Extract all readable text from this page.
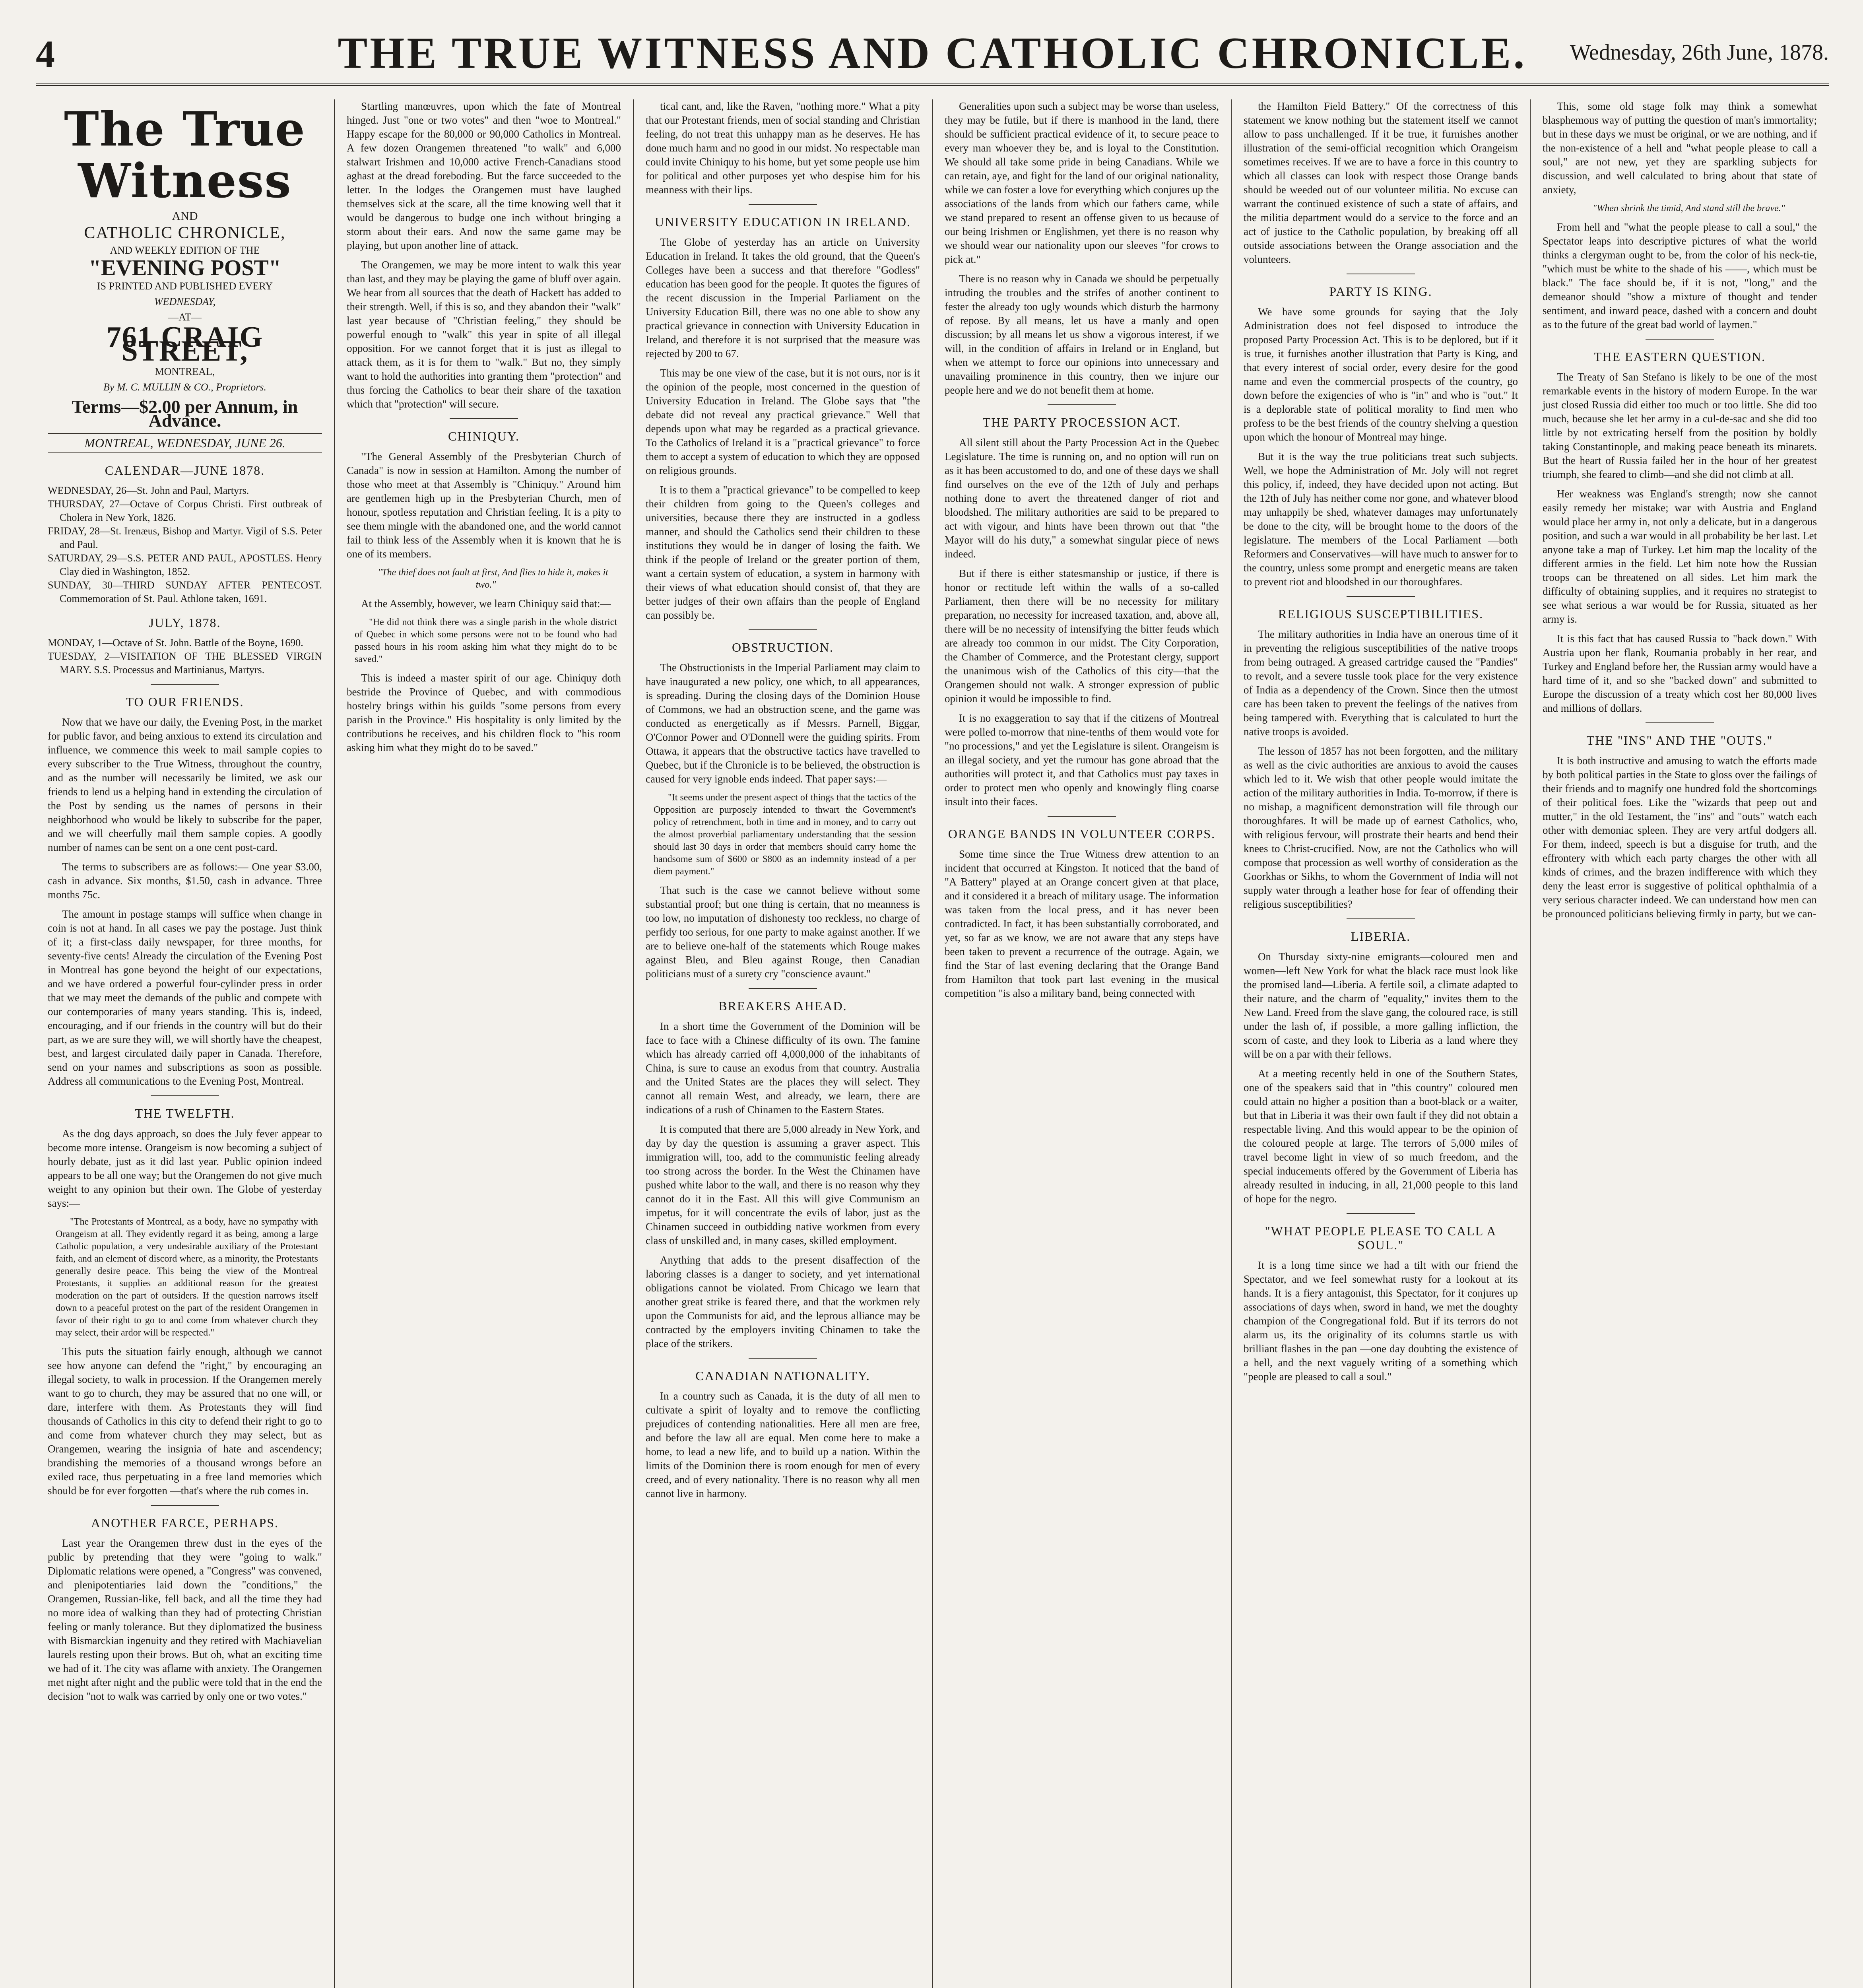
4	THE TRUE WITNESS AND CATHOLIC CHRONICLE.	Wednesday, 26th June, 1878.
The True Witness
AND
CATHOLIC CHRONICLE,
AND WEEKLY EDITION OF THE
"EVENING POST"
IS PRINTED AND PUBLISHED EVERY
WEDNESDAY,
—AT—
761 CRAIG STREET,
MONTREAL,
By M. C. MULLIN & CO., Proprietors.
Terms—$2.00 per Annum, in Advance.
MONTREAL, WEDNESDAY, JUNE 26.
CALENDAR—JUNE 1878.
WEDNESDAY, 26—St. John and Paul, Martyrs.
THURSDAY, 27—Octave of Corpus Christi. First outbreak of Cholera in New York, 1826.
FRIDAY, 28—St. Irenæus, Bishop and Martyr. Vigil of S.S. Peter and Paul.
SATURDAY, 29—S.S. PETER AND PAUL, APOSTLES. Henry Clay died in Washington, 1852.
SUNDAY, 30—THIRD SUNDAY AFTER PENTECOST. Commemoration of St. Paul. Athlone taken, 1691.
JULY, 1878.
MONDAY, 1—Octave of St. John. Battle of the Boyne, 1690.
TUESDAY, 2—VISITATION OF THE BLESSED VIRGIN MARY. S.S. Processus and Martinianus, Martyrs.
TO OUR FRIENDS.

Now that we have our daily, the Evening Post, in the market for public favor, and being anxious to extend its circulation and influence, we commence this week to mail sample copies to every subscriber to the True Witness, throughout the country, and as the number will necessarily be limited, we ask our friends to lend us a helping hand in extending the circulation of the Post by sending us the names of persons in their neighborhood who would be likely to subscribe for the paper, and we will cheerfully mail them sample copies. A goodly number of names can be sent on a one cent post-card.

The terms to subscribers are as follows:— One year $3.00, cash in advance. Six months, $1.50, cash in advance. Three months 75c.

The amount in postage stamps will suffice when change in coin is not at hand. In all cases we pay the postage. Just think of it; a first-class daily newspaper, for three months, for seventy-five cents! Already the circulation of the Evening Post in Montreal has gone beyond the height of our expectations, and we have ordered a powerful four-cylinder press in order that we may meet the demands of the public and compete with our contemporaries of many years standing. This is, indeed, encouraging, and if our friends in the country will but do their part, as we are sure they will, we will shortly have the cheapest, best, and largest circulated daily paper in Canada. Therefore, send on your names and subscriptions as soon as possible. Address all communications to the Evening Post, Montreal.

THE TWELFTH.

As the dog days approach, so does the July fever appear to become more intense. Orangeism is now becoming a subject of hourly debate, just as it did last year. Public opinion indeed appears to be all one way; but the Orangemen do not give much weight to any opinion but their own. The Globe of yesterday says:—

"The Protestants of Montreal, as a body, have no sympathy with Orangeism at all. They evidently regard it as being, among a large Catholic population, a very undesirable auxiliary of the Protestant faith, and an element of discord where, as a minority, the Protestants generally desire peace. This being the view of the Montreal Protestants, it supplies an additional reason for the greatest moderation on the part of outsiders. If the question narrows itself down to a peaceful protest on the part of the resident Orangemen in favor of their right to go to and come from whatever church they may select, their ardor will be respected."

This puts the situation fairly enough, although we cannot see how anyone can defend the "right," by encouraging an illegal society, to walk in procession. If the Orangemen merely want to go to church, they may be assured that no one will, or dare, interfere with them. As Protestants they will find thousands of Catholics in this city to defend their right to go to and come from whatever church they may select, but as Orangemen, wearing the insignia of hate and ascendency; brandishing the memories of a thousand wrongs before an exiled race, thus perpetuating in a free land memories which should be for ever forgotten —that's where the rub comes in.

ANOTHER FARCE, PERHAPS.

Last year the Orangemen threw dust in the eyes of the public by pretending that they were "going to walk." Diplomatic relations were opened, a "Congress" was convened, and plenipotentiaries laid down the "conditions," the Orangemen, Russian-like, fell back, and all the time they had no more idea of walking than they had of protecting Christian feeling or manly tolerance. But they diplomatized the business with Bismarckian ingenuity and they retired with Machiavelian laurels resting upon their brows. But oh, what an exciting time we had of it. The city was aflame with anxiety. The Orangemen met night after night and the public were told that in the end the decision "not to walk was carried by only one or two votes."

Startling manœuvres, upon which the fate of Montreal hinged. Just "one or two votes" and then "woe to Montreal." Happy escape for the 80,000 or 90,000 Catholics in Montreal. A few dozen Orangemen threatened "to walk" and 6,000 stalwart Irishmen and 10,000 active French-Canadians stood aghast at the dread foreboding. But the farce succeeded to the letter. In the lodges the Orangemen must have laughed themselves sick at the scare, all the time knowing well that it would be dangerous to budge one inch without bringing a storm about their ears. And now the same game may be playing, but upon another line of attack.

The Orangemen, we may be more intent to walk this year than last, and they may be playing the game of bluff over again. We hear from all sources that the death of Hackett has added to their strength. Well, if this is so, and they abandon their "walk" last year because of "Christian feeling," they should be powerful enough to "walk" this year in spite of all illegal opposition. For we cannot forget that it is just as illegal to attack them, as it is for them to "walk." But no, they simply want to hold the authorities into granting them "protection" and thus forcing the Catholics to bear their share of the taxation which that "protection" will secure.

CHINIQUY.

"The General Assembly of the Presbyterian Church of Canada" is now in session at Hamilton. Among the number of those who meet at that Assembly is "Chiniquy." Around him are gentlemen high up in the Presbyterian Church, men of honour, spotless reputation and Christian feeling. It is a pity to see them mingle with the abandoned one, and the world cannot fail to think less of the Assembly when it is known that he is one of its members.

"The thief does not fault at first, And flies to hide it, makes it two."

At the Assembly, however, we learn Chiniquy said that:—

"He did not think there was a single parish in the whole district of Quebec in which some persons were not to be found who had passed hours in his room asking him what they might do to be saved."

This is indeed a master spirit of our age. Chiniquy doth bestride the Province of Quebec, and with commodious hostelry brings within his guilds "some persons from every parish in the Province." His hospitality is only limited by the contributions he receives, and his children flock to "his room asking him what they might do to be saved."

tical cant, and, like the Raven, "nothing more." What a pity that our Protestant friends, men of social standing and Christian feeling, do not treat this unhappy man as he deserves. He has done much harm and no good in our midst. No respectable man could invite Chiniquy to his home, but yet some people use him for political and other purposes yet who despise him for his meanness with their lips.

UNIVERSITY EDUCATION IN IRELAND.

The Globe of yesterday has an article on University Education in Ireland. It takes the old ground, that the Queen's Colleges have been a success and that therefore "Godless" education has been good for the people. It quotes the figures of the recent discussion in the Imperial Parliament on the University Education Bill, there was no one able to show any practical grievance in connection with University Education in Ireland, and therefore it is not surprised that the measure was rejected by 200 to 67.

This may be one view of the case, but it is not ours, nor is it the opinion of the people, most concerned in the question of University Education in Ireland. The Globe says that "the debate did not reveal any practical grievance." Well that depends upon what may be regarded as a practical grievance. To the Catholics of Ireland it is a "practical grievance" to force them to accept a system of education to which they are opposed on religious grounds.

It is to them a "practical grievance" to be compelled to keep their children from going to the Queen's colleges and universities, because there they are instructed in a godless manner, and should the Catholics send their children to these institutions they would be in danger of losing the faith. We think if the people of Ireland or the greater portion of them, want a certain system of education, a system in harmony with their views of what education should consist of, that they are better judges of their own affairs than the people of England can possibly be.

OBSTRUCTION.

The Obstructionists in the Imperial Parliament may claim to have inaugurated a new policy, one which, to all appearances, is spreading. During the closing days of the Dominion House of Commons, we had an obstruction scene, and the game was conducted as energetically as if Messrs. Parnell, Biggar, O'Connor Power and O'Donnell were the guiding spirits. From Ottawa, it appears that the obstructive tactics have travelled to Quebec, but if the Chronicle is to be believed, the obstruction is caused for very ignoble ends indeed. That paper says:—

"It seems under the present aspect of things that the tactics of the Opposition are purposely intended to thwart the Government's policy of retrenchment, both in time and in money, and to carry out the almost proverbial parliamentary understanding that the session should last 30 days in order that members should carry home the handsome sum of $600 or $800 as an indemnity instead of a per diem payment."

That such is the case we cannot believe without some substantial proof; but one thing is certain, that no meanness is too low, no imputation of dishonesty too reckless, no charge of perfidy too serious, for one party to make against another. If we are to believe one-half of the statements which Rouge makes against Bleu, and Bleu against Rouge, then Canadian politicians must of a surety cry "conscience avaunt."

BREAKERS AHEAD.

In a short time the Government of the Dominion will be face to face with a Chinese difficulty of its own. The famine which has already carried off 4,000,000 of the inhabitants of China, is sure to cause an exodus from that country. Australia and the United States are the places they will select. They cannot all remain West, and already, we learn, there are indications of a rush of Chinamen to the Eastern States.

It is computed that there are 5,000 already in New York, and day by day the question is assuming a graver aspect. This immigration will, too, add to the communistic feeling already too strong across the border. In the West the Chinamen have pushed white labor to the wall, and there is no reason why they cannot do it in the East. All this will give Communism an impetus, for it will concentrate the evils of labor, just as the Chinamen succeed in outbidding native workmen from every class of unskilled and, in many cases, skilled employment.

Anything that adds to the present disaffection of the laboring classes is a danger to society, and yet international obligations cannot be violated. From Chicago we learn that another great strike is feared there, and that the workmen rely upon the Communists for aid, and the leprous alliance may be contracted by the employers inviting Chinamen to take the place of the strikers.

CANADIAN NATIONALITY.

In a country such as Canada, it is the duty of all men to cultivate a spirit of loyalty and to remove the conflicting prejudices of contending nationalities. Here all men are free, and before the law all are equal. Men come here to make a home, to lead a new life, and to build up a nation. Within the limits of the Dominion there is room enough for men of every creed, and of every nationality. There is no reason why all men cannot live in harmony.

Generalities upon such a subject may be worse than useless, they may be futile, but if there is manhood in the land, there should be sufficient practical evidence of it, to secure peace to every man whoever they be, and is loyal to the Constitution. We should all take some pride in being Canadians. While we can retain, aye, and fight for the land of our original nationality, while we can foster a love for everything which conjures up the associations of the lands from which our fathers came, while we stand prepared to resent an offense given to us because of our being Irishmen or Englishmen, yet there is no reason why we should wear our nationality upon our sleeves "for crows to pick at."

There is no reason why in Canada we should be perpetually intruding the troubles and the strifes of another continent to fester the already too ugly wounds which disturb the harmony of repose. By all means, let us have a manly and open discussion; by all means let us show a vigorous interest, if we will, in the condition of affairs in Ireland or in England, but when we attempt to force our opinions into unnecessary and unavailing prominence in this country, then we injure our people here and we do not benefit them at home.

THE PARTY PROCESSION ACT.

All silent still about the Party Procession Act in the Quebec Legislature. The time is running on, and no option will run on as it has been accustomed to do, and one of these days we shall find ourselves on the eve of the 12th of July and perhaps nothing done to avert the threatened danger of riot and bloodshed. The military authorities are said to be prepared to act with vigour, and hints have been thrown out that "the Mayor will do his duty," a somewhat singular piece of news indeed.

But if there is either statesmanship or justice, if there is honor or rectitude left within the walls of a so-called Parliament, then there will be no necessity for military preparation, no necessity for increased taxation, and, above all, there will be no necessity of intensifying the bitter feuds which are already too common in our midst. The City Corporation, the Chamber of Commerce, and the Protestant clergy, support the unanimous wish of the Catholics of this city—that the Orangemen should not walk. A stronger expression of public opinion it would be impossible to find.

It is no exaggeration to say that if the citizens of Montreal were polled to-morrow that nine-tenths of them would vote for "no processions," and yet the Legislature is silent. Orangeism is an illegal society, and yet the rumour has gone abroad that the authorities will protect it, and that Catholics must pay taxes in order to protect men who openly and knowingly fling coarse insult into their faces.

ORANGE BANDS IN VOLUNTEER CORPS.

Some time since the True Witness drew attention to an incident that occurred at Kingston. It noticed that the band of "A Battery" played at an Orange concert given at that place, and it considered it a breach of military usage. The information was taken from the local press, and it has never been contradicted. In fact, it has been substantially corroborated, and yet, so far as we know, we are not aware that any steps have been taken to prevent a recurrence of the outrage. Again, we find the Star of last evening declaring that the Orange Band from Hamilton that took part last evening in the musical competition "is also a military band, being connected with

the Hamilton Field Battery." Of the correctness of this statement we know nothing but the statement itself we cannot allow to pass unchallenged. If it be true, it furnishes another illustration of the semi-official recognition which Orangeism sometimes receives. If we are to have a force in this country to which all classes can look with respect those Orange bands should be weeded out of our volunteer militia. No excuse can warrant the continued existence of such a state of affairs, and the militia department would do a service to the force and an act of justice to the Catholic population, by breaking off all outside associations between the Orange association and the volunteers.

PARTY IS KING.

We have some grounds for saying that the Joly Administration does not feel disposed to introduce the proposed Party Procession Act. This is to be deplored, but if it is true, it furnishes another illustration that Party is King, and that every interest of social order, every desire for the good name and even the commercial prospects of the country, go down before the exigencies of who is "in" and who is "out." It is a deplorable state of political morality to find men who profess to be the best friends of the country shelving a question upon which the honour of Montreal may hinge.

But it is the way the true politicians treat such subjects. Well, we hope the Administration of Mr. Joly will not regret this policy, if, indeed, they have decided upon not acting. But the 12th of July has neither come nor gone, and whatever blood may unhappily be shed, whatever damages may unfortunately be done to the city, will be brought home to the doors of the legislature. The members of the Local Parliament —both Reformers and Conservatives—will have much to answer for to the country, unless some prompt and energetic means are taken to prevent riot and bloodshed in our thoroughfares.

RELIGIOUS SUSCEPTIBILITIES.

The military authorities in India have an onerous time of it in preventing the religious susceptibilities of the native troops from being outraged. A greased cartridge caused the "Pandies" to revolt, and a severe tussle took place for the very existence of India as a dependency of the Crown. Since then the utmost care has been taken to prevent the feelings of the natives from being tampered with. Everything that is calculated to hurt the native troops is avoided.

The lesson of 1857 has not been forgotten, and the military as well as the civic authorities are anxious to avoid the causes which led to it. We wish that other people would imitate the action of the military authorities in India. To-morrow, if there is no mishap, a magnificent demonstration will file through our thoroughfares. It will be made up of earnest Catholics, who, with religious fervour, will prostrate their hearts and bend their knees to Christ-crucified. Now, are not the Catholics who will compose that procession as well worthy of consideration as the Goorkhas or Sikhs, to whom the Government of India will not supply water through a leather hose for fear of offending their religious susceptibilities?

LIBERIA.

On Thursday sixty-nine emigrants—coloured men and women—left New York for what the black race must look like the promised land—Liberia. A fertile soil, a climate adapted to their nature, and the charm of "equality," invites them to the New Land. Freed from the slave gang, the coloured race, is still under the lash of, if possible, a more galling infliction, the scorn of caste, and they look to Liberia as a land where they will be on a par with their fellows.

At a meeting recently held in one of the Southern States, one of the speakers said that in "this country" coloured men could attain no higher a position than a boot-black or a waiter, but that in Liberia it was their own fault if they did not obtain a respectable living. And this would appear to be the opinion of the coloured people at large. The terrors of 5,000 miles of travel become light in view of so much freedom, and the special inducements offered by the Government of Liberia has already resulted in inducing, in all, 21,000 people to this land of hope for the negro.

"WHAT PEOPLE PLEASE TO CALL A SOUL."

It is a long time since we had a tilt with our friend the Spectator, and we feel somewhat rusty for a lookout at its hands. It is a fiery antagonist, this Spectator, for it conjures up associations of days when, sword in hand, we met the doughty champion of the Congregational fold. But if its terrors do not alarm us, its the originality of its columns startle us with brilliant flashes in the pan —one day doubting the existence of a hell, and the next vaguely writing of a something which "people are pleased to call a soul."

This, some old stage folk may think a somewhat blasphemous way of putting the question of man's immortality; but in these days we must be original, or we are nothing, and if the non-existence of a hell and "what people please to call a soul," are not new, yet they are sparkling subjects for discussion, and well calculated to bring about that state of anxiety,

"When shrink the timid, And stand still the brave."

From hell and "what the people please to call a soul," the Spectator leaps into descriptive pictures of what the world thinks a clergyman ought to be, from the color of his neck-tie, "which must be white to the shade of his ——, which must be black." The face should be, if it is not, "long," and the demeanor should "show a mixture of thought and tender sentiment, and inward peace, dashed with a concern and doubt as to the future of the great bad world of laymen."

THE EASTERN QUESTION.

The Treaty of San Stefano is likely to be one of the most remarkable events in the history of modern Europe. In the war just closed Russia did either too much or too little. She did too much, because she let her army in a cul-de-sac and she did too little by not extricating herself from the position by boldly taking Constantinople, and making peace beneath its minarets. But the heart of Russia failed her in the hour of her greatest triumph, she feared to climb—and she did not climb at all.

Her weakness was England's strength; now she cannot easily remedy her mistake; war with Austria and England would place her army in, not only a delicate, but in a dangerous position, and such a war would in all probability be her last. Let anyone take a map of Turkey. Let him map the locality of the different armies in the field. Let him note how the Russian troops can be threatened on all sides. Let him mark the difficulty of obtaining supplies, and it requires no strategist to see what serious a war would be for Russia, situated as her army is.

It is this fact that has caused Russia to "back down." With Austria upon her flank, Roumania probably in her rear, and Turkey and England before her, the Russian army would have a hard time of it, and so she "backed down" and submitted to Europe the discussion of a treaty which cost her 80,000 lives and millions of dollars.

THE "INS" AND THE "OUTS."

It is both instructive and amusing to watch the efforts made by both political parties in the State to gloss over the failings of their friends and to magnify one hundred fold the shortcomings of their political foes. Like the "wizards that peep out and mutter," in the old Testament, the "ins" and "outs" watch each other with demoniac spleen. They are very artful dodgers all. For them, indeed, speech is but a disguise for truth, and the effrontery with which each party charges the other with all kinds of crimes, and the brazen indifference with which they deny the least error is suggestive of political ophthalmia of a very serious character indeed. We can understand how men can be pronounced politicians believing firmly in party, but we can-
